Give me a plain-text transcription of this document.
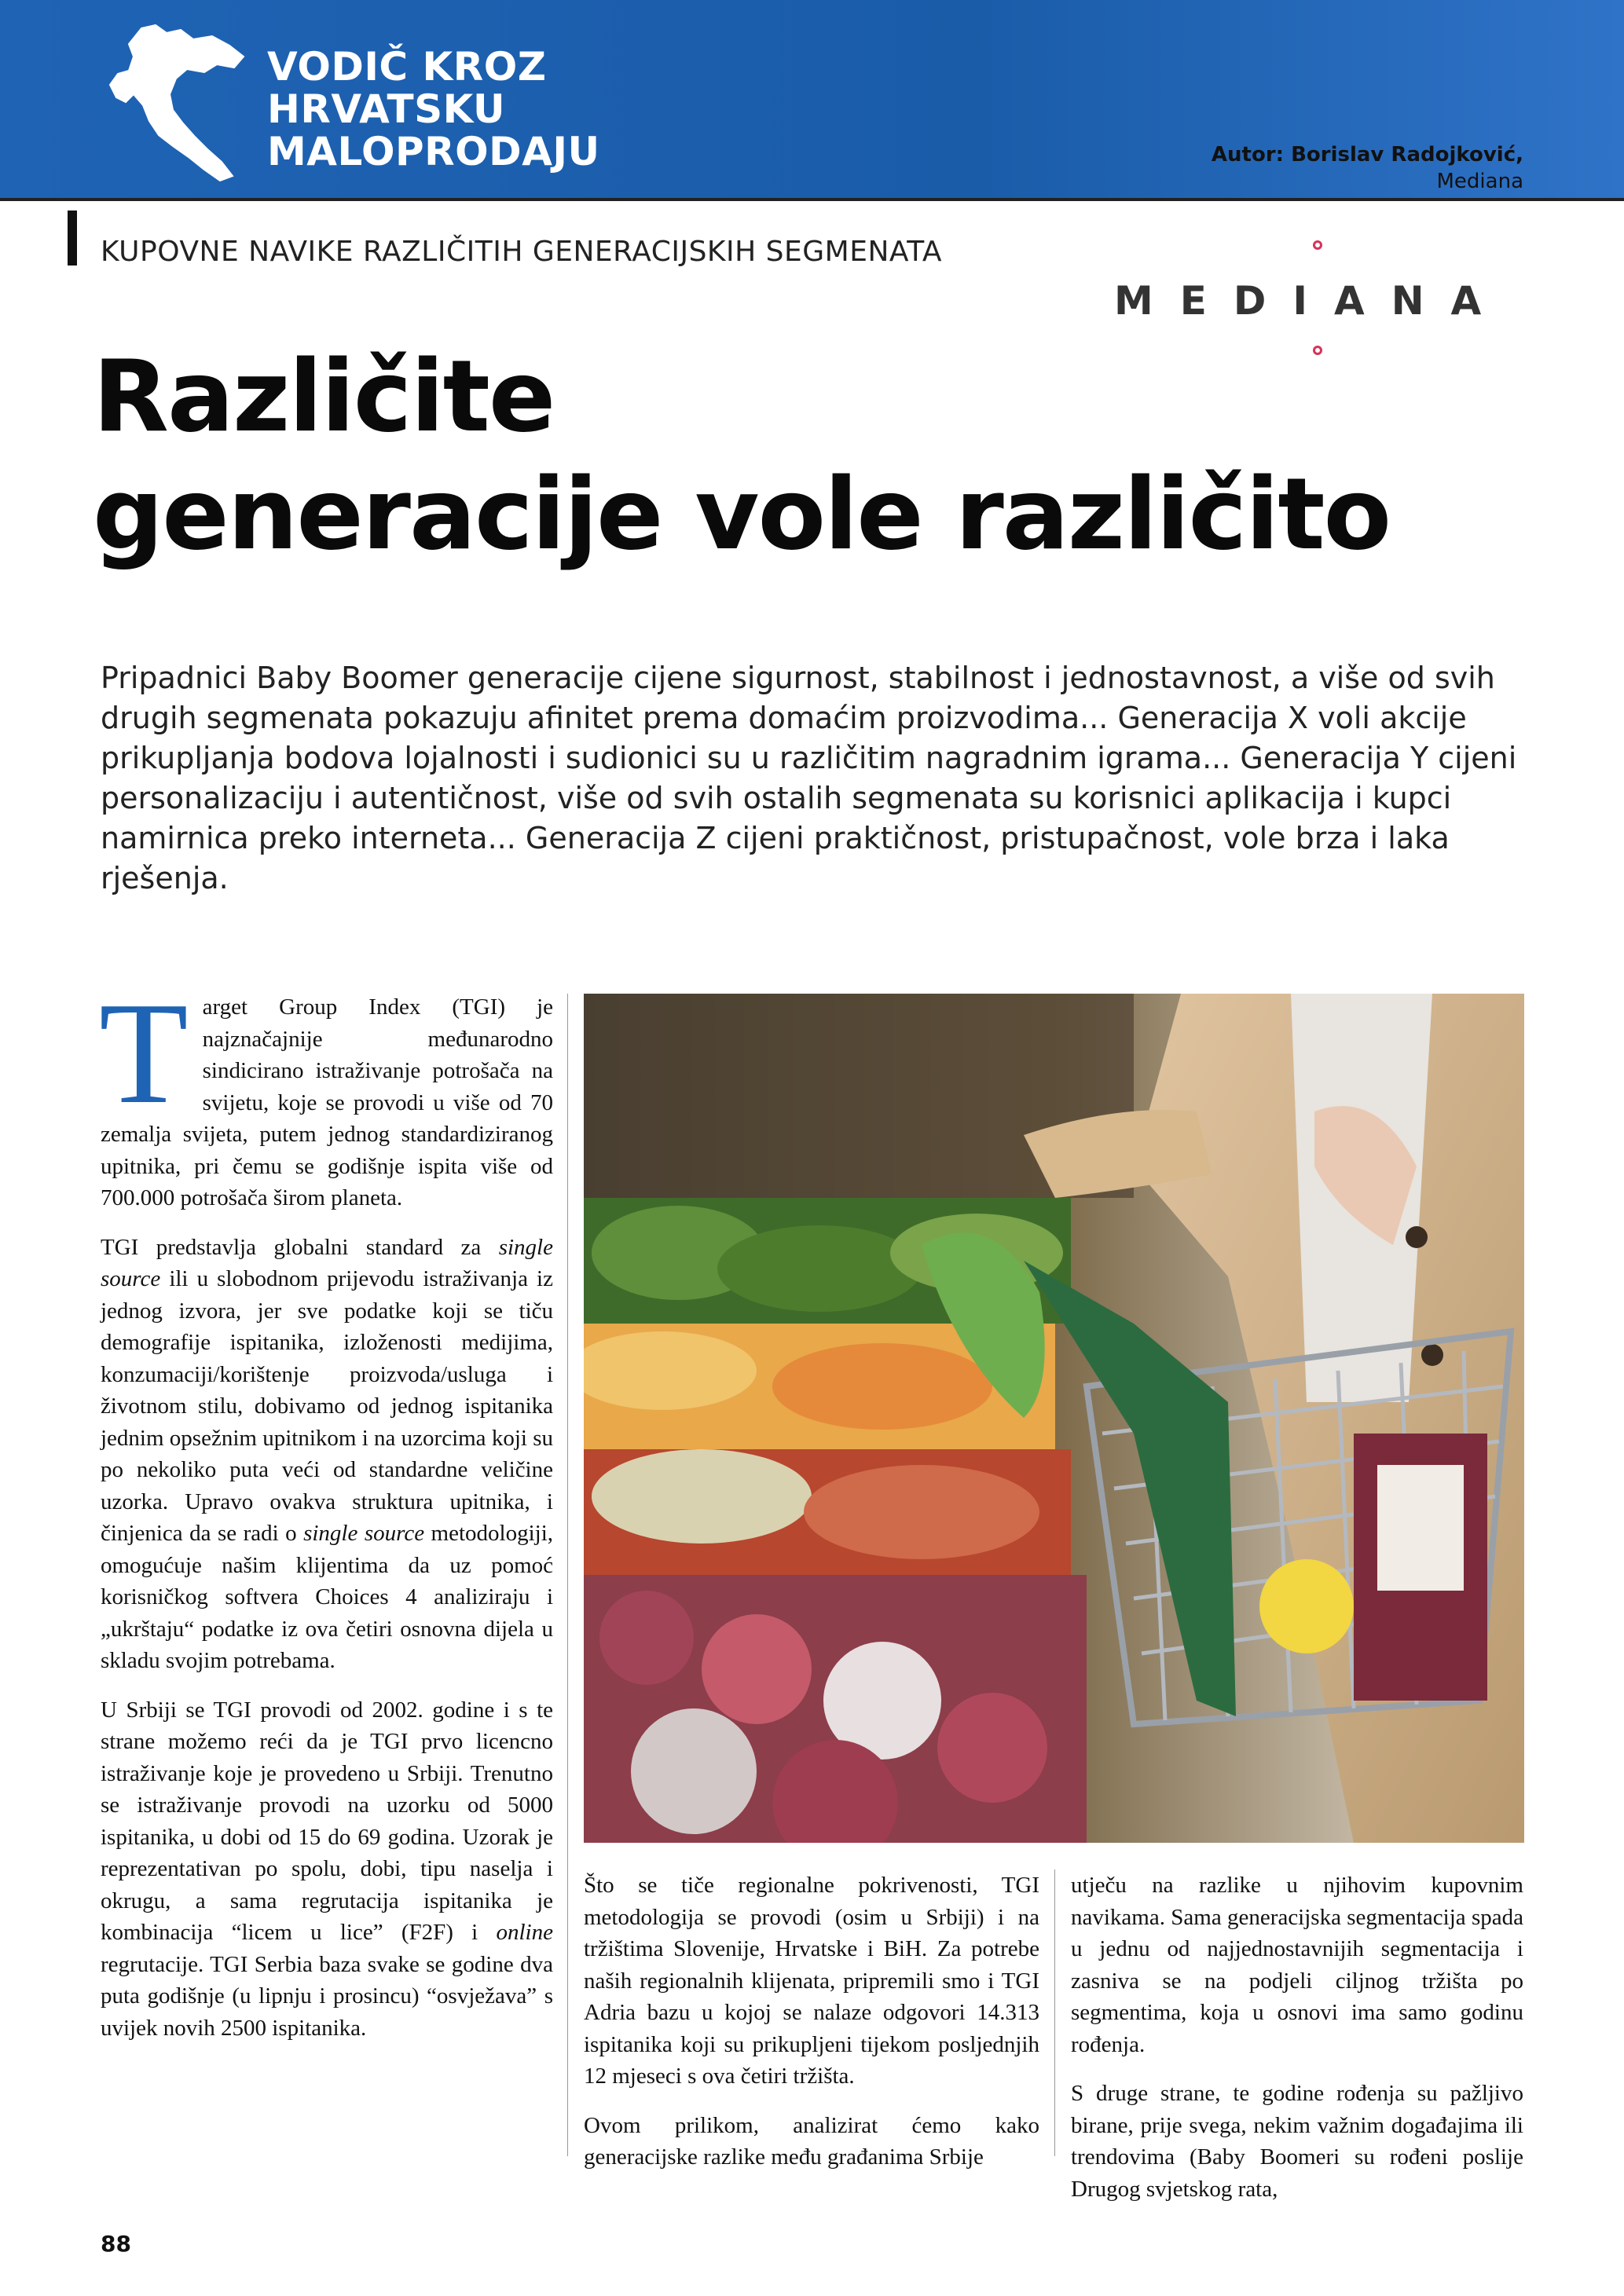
VODIČ KROZ
HRVATSKU
MALOPRODAJU	Autor: Borislav Radojković,
Mediana
KUPOVNE NAVIKE RAZLIČITIH GENERACIJSKIH SEGMENATA
MEDIANA
Različite
generacije vole različito
Pripadnici Baby Boomer generacije cijene sigurnost, stabilnost i jednostavnost, a više od svih drugih segmenata pokazuju afinitet prema domaćim proizvodima... Generacija X voli akcije prikupljanja bodova lojalnosti i sudionici su u različitim nagradnim igrama... Generacija Y cijeni personalizaciju i autentičnost, više od svih ostalih segmenata su korisnici aplikacija i kupci namirnica preko interneta... Generacija Z cijeni praktičnost, pristupačnost, vole brza i laka rješenja.

Target Group Index (TGI) je najznačajnije međunarodno sindicirano istraživanje potrošača na svijetu, koje se provodi u više od 70 zemalja svijeta, putem jednog standardiziranog upitnika, pri čemu se godišnje ispita više od 700.000 potrošača širom planeta.

TGI predstavlja globalni standard za single source ili u slobodnom prijevodu istraživanja iz jednog izvora, jer sve podatke koji se tiču demografije ispitanika, izloženosti medijima, konzumaciji/korištenje proizvoda/usluga i životnom stilu, dobivamo od jednog ispitanika jednim opsežnim upitnikom i na uzorcima koji su po nekoliko puta veći od standardne veličine uzorka. Upravo ovakva struktura upitnika, i činjenica da se radi o single source metodologiji, omogućuje našim klijentima da uz pomoć korisničkog softvera Choices 4 analiziraju i „ukrštaju“ podatke iz ova četiri osnovna dijela u skladu svojim potrebama.

U Srbiji se TGI provodi od 2002. godine i s te strane možemo reći da je TGI prvo licencno istraživanje koje je provedeno u Srbiji. Trenutno se istraživanje provodi na uzorku od 5000 ispitanika, u dobi od 15 do 69 godina. Uzorak je reprezentativan po spolu, dobi, tipu naselja i okrugu, a sama regrutacija ispitanika je kombinacija “licem u lice” (F2F) i online regrutacije. TGI Serbia baza svake se godine dva puta godišnje (u lipnju i prosincu) “osvježava” s uvijek novih 2500 ispitanika.

Što se tiče regionalne pokrivenosti, TGI metodologija se provodi (osim u Srbiji) i na tržištima Slovenije, Hrvatske i BiH. Za potrebe naših regionalnih klijenata, pripremili smo i TGI Adria bazu u kojoj se nalaze odgovori 14.313 ispitanika koji su prikupljeni tijekom posljednjih 12 mjeseci s ova četiri tržišta.

Ovom prilikom, analizirat ćemo kako generacijske razlike među građanima Srbije

utječu na razlike u njihovim kupovnim navikama. Sama generacijska segmentacija spada u jednu od najjednostavnijih segmentacija i zasniva se na podjeli ciljnog tržišta po segmentima, koja u osnovi ima samo godinu rođenja.

S druge strane, te godine rođenja su pažljivo birane, prije svega, nekim važnim događajima ili trendovima (Baby Boomeri su rođeni poslije Drugog svjetskog rata,

88
